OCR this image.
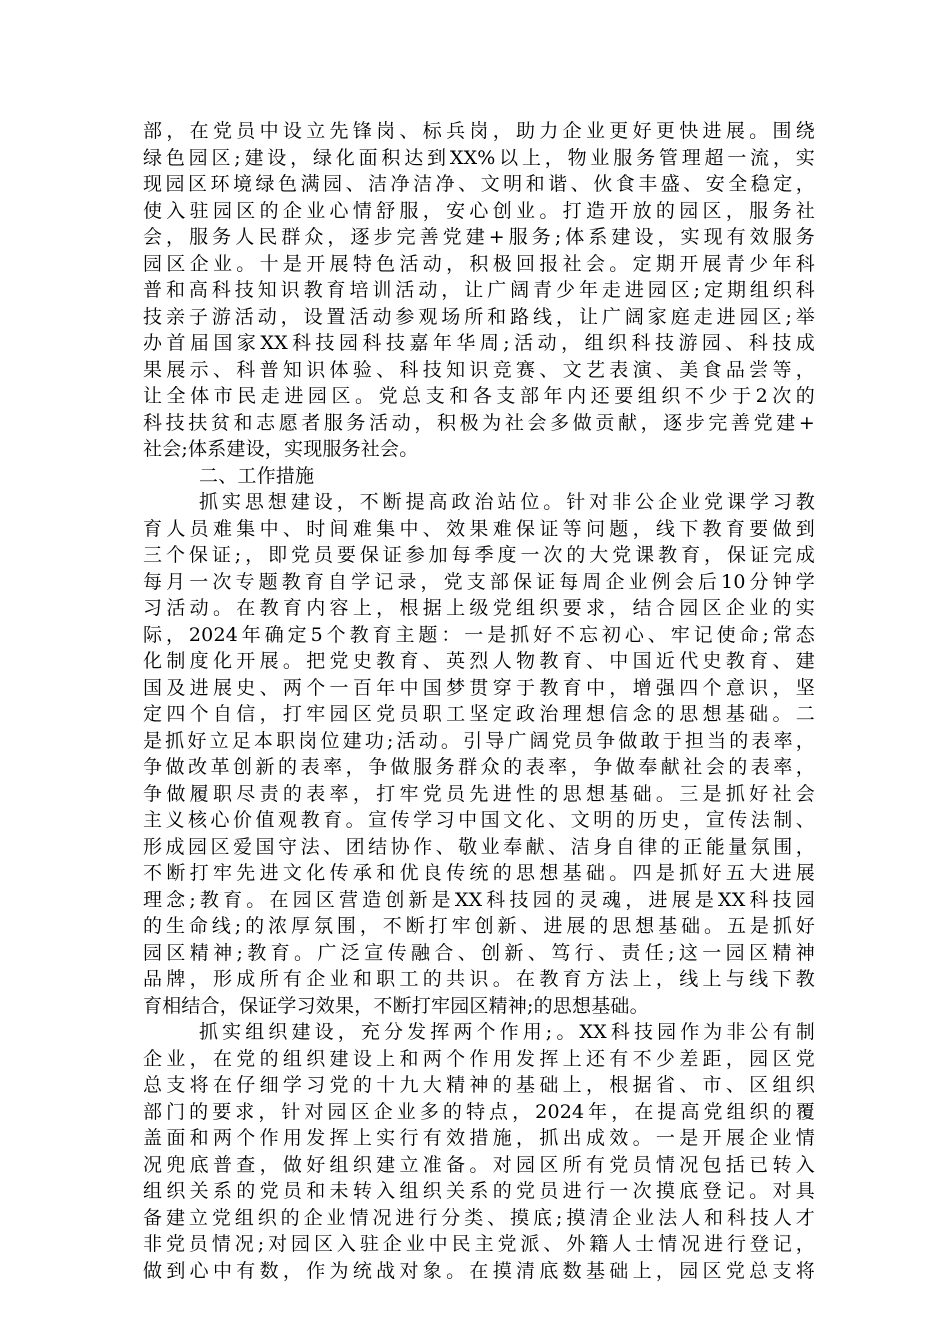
部，在党员中设立先锋岗、标兵岗，助力企业更好更快进展。围绕
绿色园区;建设，绿化面积达到XX%以上，物业服务管理超一流，实
现园区环境绿色满园、洁净洁净、文明和谐、伙食丰盛、安全稳定，
使入驻园区的企业心情舒服，安心创业。打造开放的园区，服务社
会，服务人民群众，逐步完善党建+服务;体系建设，实现有效服务
园区企业。十是开展特色活动，积极回报社会。定期开展青少年科
普和高科技知识教育培训活动，让广阔青少年走进园区;定期组织科
技亲子游活动，设置活动参观场所和路线，让广阔家庭走进园区;举
办首届国家XX科技园科技嘉年华周;活动，组织科技游园、科技成
果展示、科普知识体验、科技知识竞赛、文艺表演、美食品尝等，
让全体市民走进园区。党总支和各支部年内还要组织不少于2次的
科技扶贫和志愿者服务活动，积极为社会多做贡献，逐步完善党建+
社会;体系建设，实现服务社会。
二、工作措施
抓实思想建设，不断提高政治站位。针对非公企业党课学习教
育人员难集中、时间难集中、效果难保证等问题，线下教育要做到
三个保证;，即党员要保证参加每季度一次的大党课教育，保证完成
每月一次专题教育自学记录，党支部保证每周企业例会后10分钟学
习活动。在教育内容上，根据上级党组织要求，结合园区企业的实
际，2024年确定5个教育主题：一是抓好不忘初心、牢记使命;常态
化制度化开展。把党史教育、英烈人物教育、中国近代史教育、建
国及进展史、两个一百年中国梦贯穿于教育中，增强四个意识，坚
定四个自信，打牢园区党员职工坚定政治理想信念的思想基础。二
是抓好立足本职岗位建功;活动。引导广阔党员争做敢于担当的表率，
争做改革创新的表率，争做服务群众的表率，争做奉献社会的表率，
争做履职尽责的表率，打牢党员先进性的思想基础。三是抓好社会
主义核心价值观教育。宣传学习中国文化、文明的历史，宣传法制、
形成园区爱国守法、团结协作、敬业奉献、洁身自律的正能量氛围，
不断打牢先进文化传承和优良传统的思想基础。四是抓好五大进展
理念;教育。在园区营造创新是XX科技园的灵魂，进展是XX科技园
的生命线;的浓厚氛围，不断打牢创新、进展的思想基础。五是抓好
园区精神;教育。广泛宣传融合、创新、笃行、责任;这一园区精神
品牌，形成所有企业和职工的共识。在教育方法上，线上与线下教
育相结合，保证学习效果，不断打牢园区精神;的思想基础。
抓实组织建设，充分发挥两个作用;。XX科技园作为非公有制
企业，在党的组织建设上和两个作用发挥上还有不少差距，园区党
总支将在仔细学习党的十九大精神的基础上，根据省、市、区组织
部门的要求，针对园区企业多的特点，2024年，在提高党组织的覆
盖面和两个作用发挥上实行有效措施，抓出成效。一是开展企业情
况兜底普查，做好组织建立准备。对园区所有党员情况包括已转入
组织关系的党员和未转入组织关系的党员进行一次摸底登记。对具
备建立党组织的企业情况进行分类、摸底;摸清企业法人和科技人才
非党员情况;对园区入驻企业中民主党派、外籍人士情况进行登记，
做到心中有数，作为统战对象。在摸清底数基础上，园区党总支将
